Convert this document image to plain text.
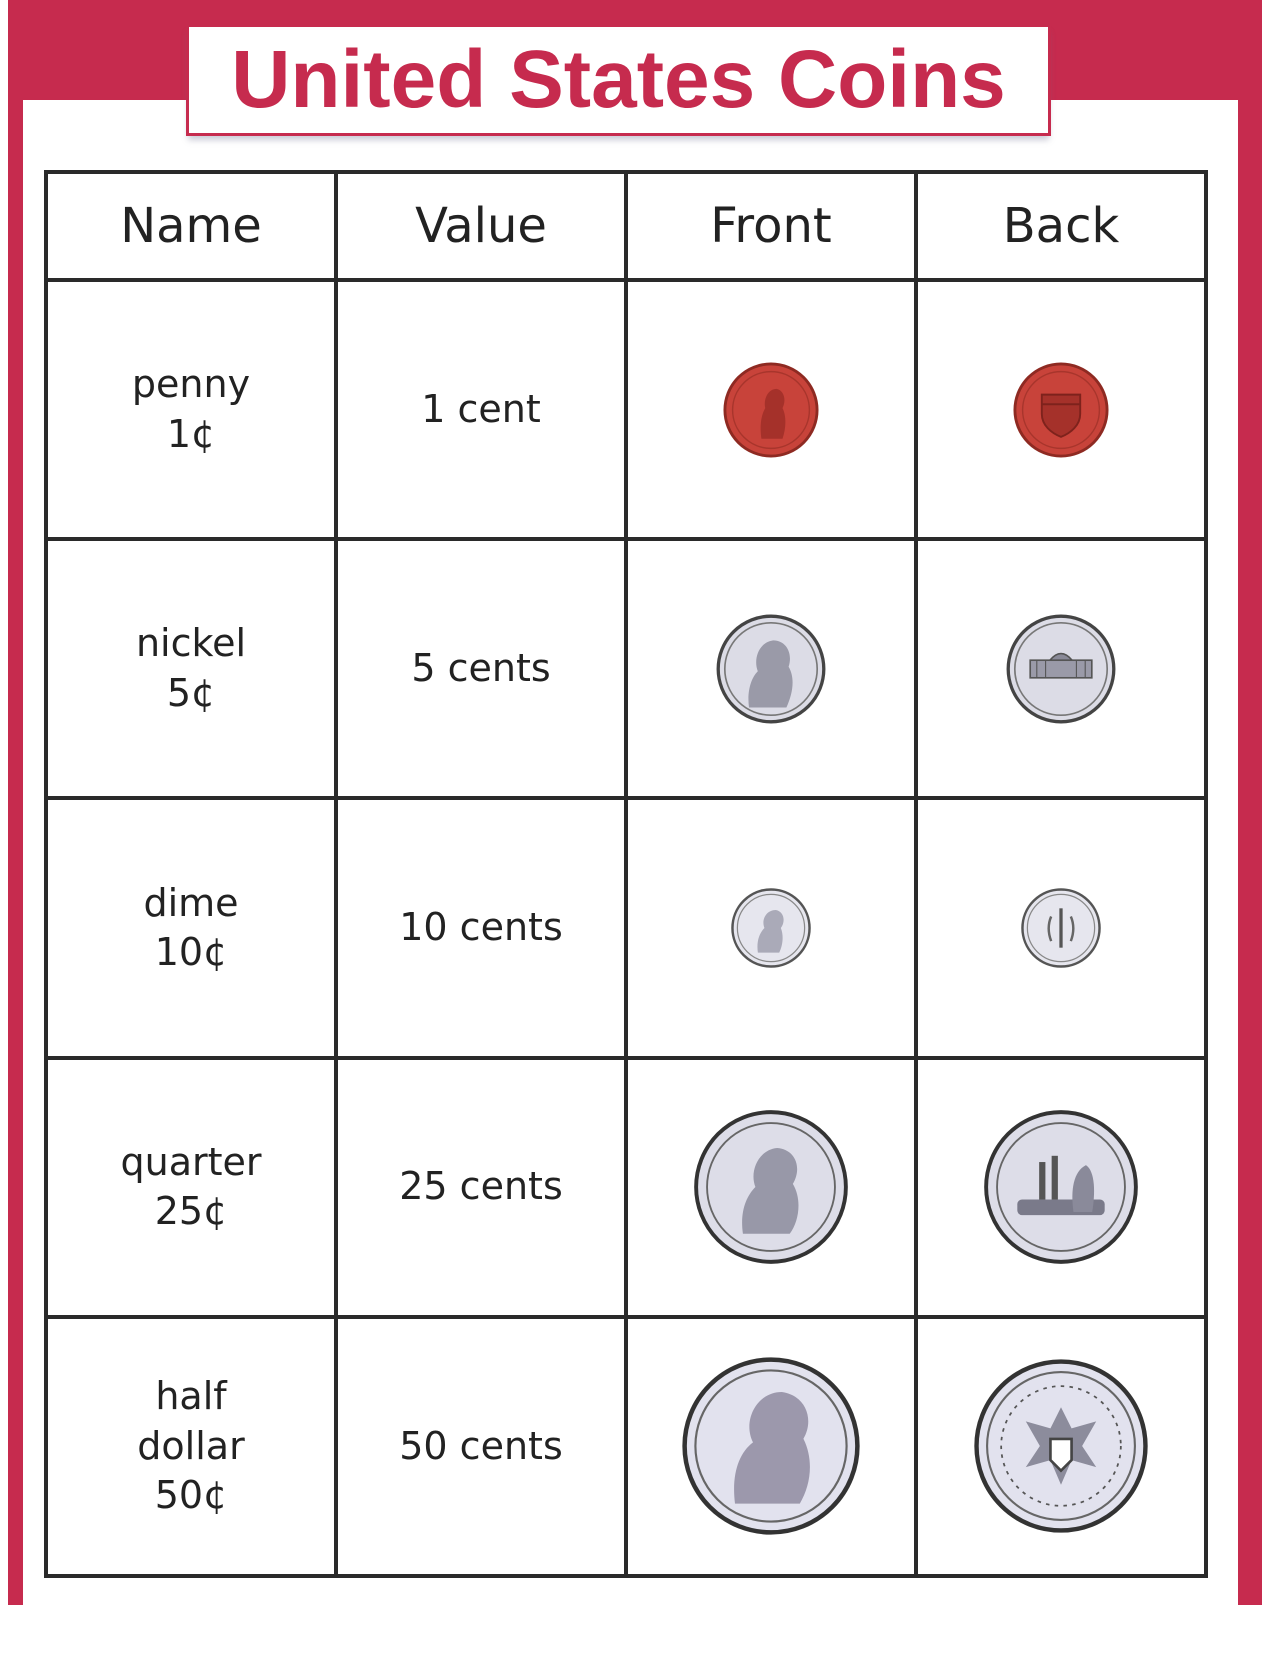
United States Coins
Name	Value	Front	Back

penny
1¢	1 cent	

nickel
5¢	5 cents	

dime
10¢	10 cents	

quarter
25¢	25 cents	

half
dollar
50¢	50 cents	
